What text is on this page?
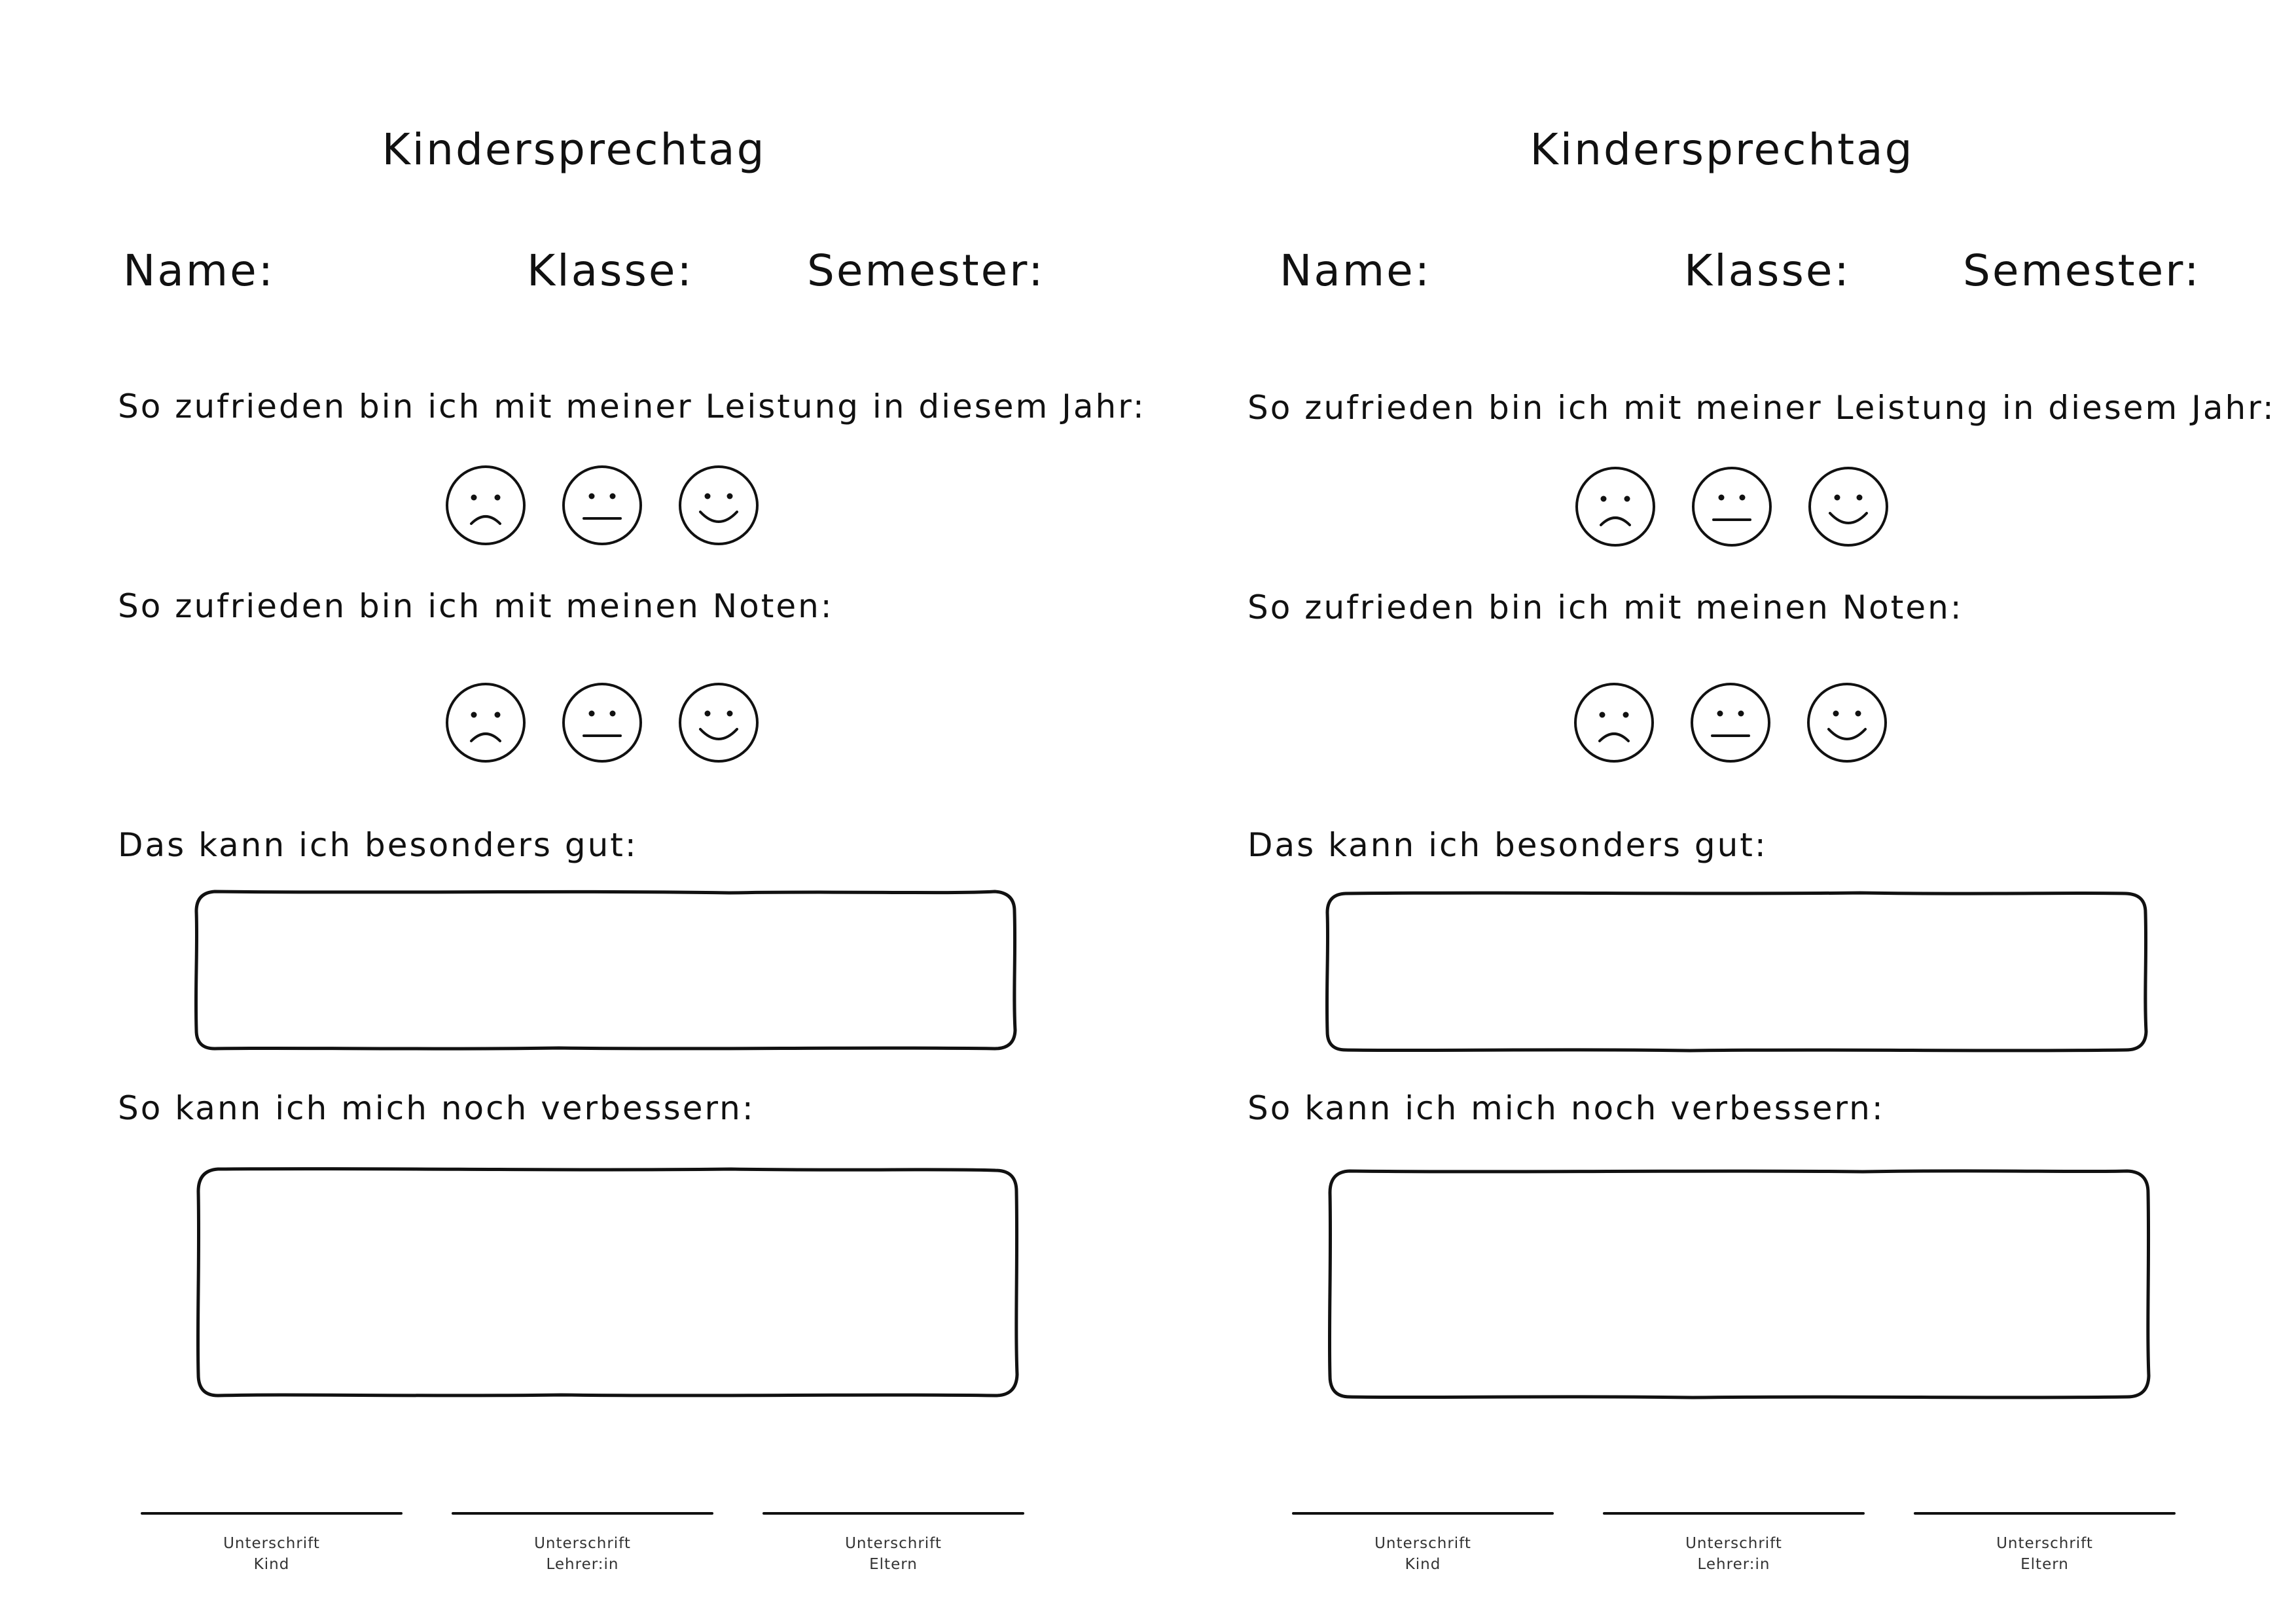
Kindersprechtag
Name:	Klasse:	Semester:
So zufrieden bin ich mit meiner Leistung in diesem Jahr:
So zufrieden bin ich mit meinen Noten:
Das kann ich besonders gut:
So kann ich mich noch verbessern:
Unterschrift
Kind
Unterschrift
Lehrer:in
Unterschrift
Eltern
Kindersprechtag
Name:	Klasse:	Semester:
So zufrieden bin ich mit meiner Leistung in diesem Jahr:
So zufrieden bin ich mit meinen Noten:
Das kann ich besonders gut:
So kann ich mich noch verbessern:
Unterschrift
Kind
Unterschrift
Lehrer:in
Unterschrift
Eltern
